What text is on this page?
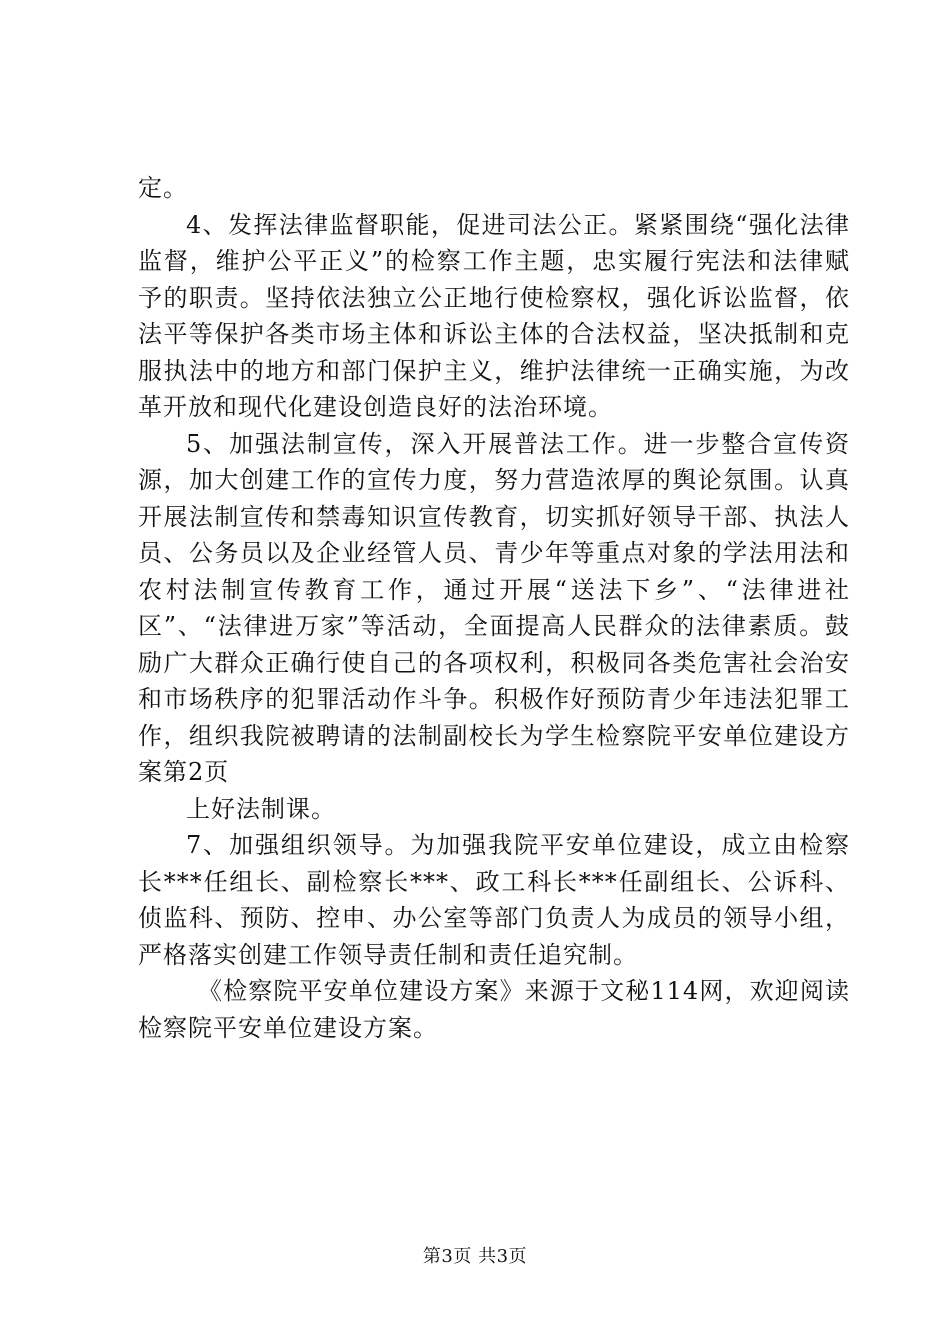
定。

4、发挥法律监督职能，促进司法公正。紧紧围绕“强化法律监督，维护公平正义”的检察工作主题，忠实履行宪法和法律赋予的职责。坚持依法独立公正地行使检察权，强化诉讼监督，依法平等保护各类市场主体和诉讼主体的合法权益，坚决抵制和克服执法中的地方和部门保护主义，维护法律统一正确实施，为改革开放和现代化建设创造良好的法治环境。

5、加强法制宣传，深入开展普法工作。进一步整合宣传资源，加大创建工作的宣传力度，努力营造浓厚的舆论氛围。认真开展法制宣传和禁毒知识宣传教育，切实抓好领导干部、执法人员、公务员以及企业经管人员、青少年等重点对象的学法用法和农村法制宣传教育工作，通过开展“送法下乡”、“法律进社区”、“法律进万家”等活动，全面提高人民群众的法律素质。鼓励广大群众正确行使自己的各项权利，积极同各类危害社会治安和市场秩序的犯罪活动作斗争。积极作好预防青少年违法犯罪工作，组织我院被聘请的法制副校长为学生检察院平安单位建设方案第2页

上好法制课。

7、加强组织领导。为加强我院平安单位建设，成立由检察长***任组长、副检察长***、政工科长***任副组长、公诉科、侦监科、预防、控申、办公室等部门负责人为成员的领导小组，严格落实创建工作领导责任制和责任追究制。

《检察院平安单位建设方案》来源于文秘114网，欢迎阅读检察院平安单位建设方案。

第3页 共3页
